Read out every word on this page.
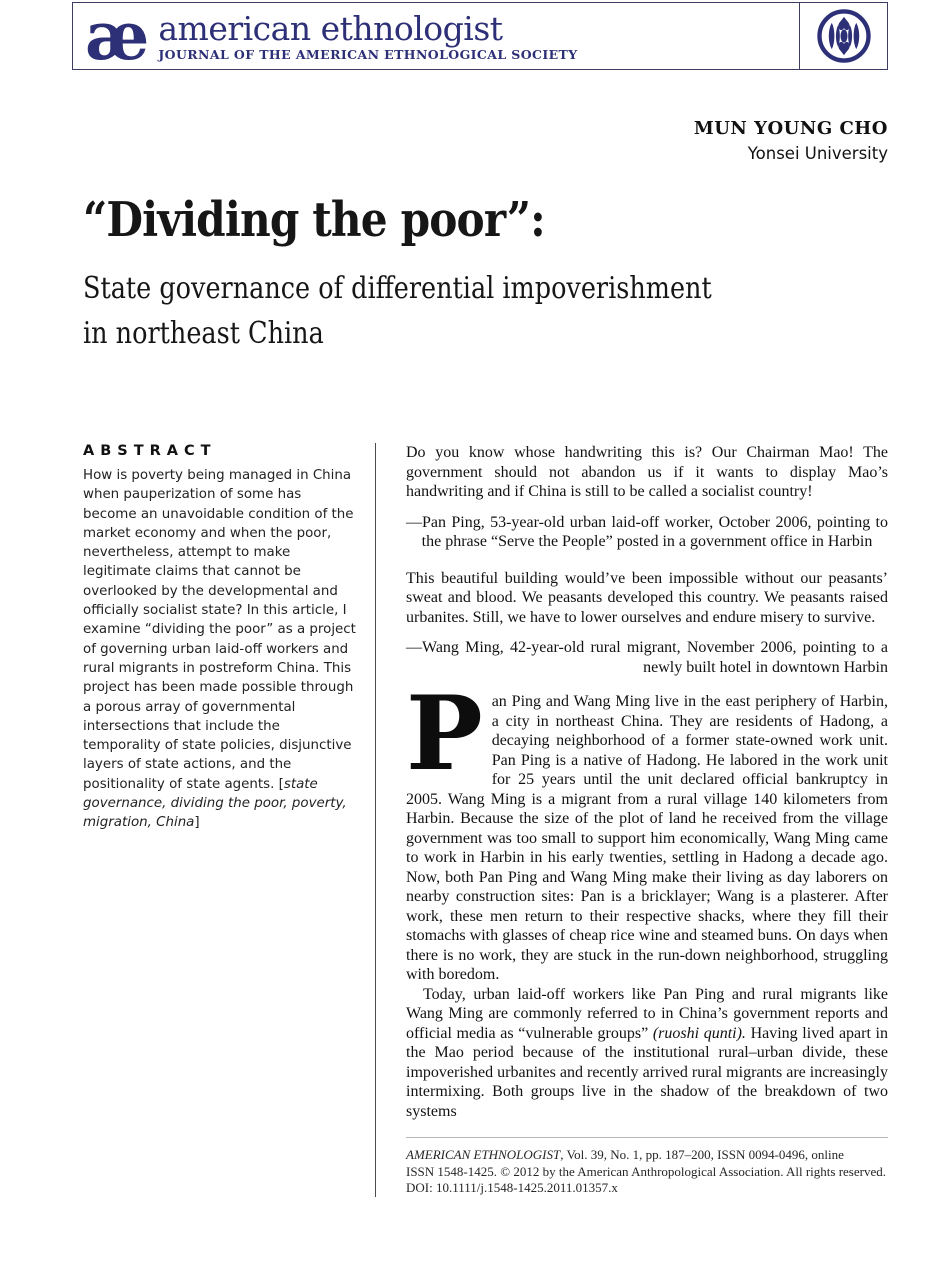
æ american ethnologist
JOURNAL OF THE AMERICAN ETHNOLOGICAL SOCIETY
MUN YOUNG CHO
Yonsei University
“Dividing the poor”:
State governance of differential impoverishment
in northeast China
ABSTRACT
How is poverty being managed in China when pauperization of some has become an unavoidable condition of the market economy and when the poor, nevertheless, attempt to make legitimate claims that cannot be overlooked by the developmental and officially socialist state? In this article, I examine “dividing the poor” as a project of governing urban laid-off workers and rural migrants in postreform China. This project has been made possible through a porous array of governmental intersections that include the temporality of state policies, disjunctive layers of state actions, and the positionality of state agents. [state governance, dividing the poor, poverty, migration, China]
Do you know whose handwriting this is? Our Chairman Mao! The government should not abandon us if it wants to display Mao’s handwriting and if China is still to be called a socialist country!
—Pan Ping, 53-year-old urban laid-off worker, October 2006, pointing to the phrase “Serve the People” posted in a government office in Harbin
This beautiful building would’ve been impossible without our peasants’ sweat and blood. We peasants developed this country. We peasants raised urbanites. Still, we have to lower ourselves and endure misery to survive.
—Wang Ming, 42-year-old rural migrant, November 2006, pointing to a newly built hotel in downtown Harbin
Pan Ping and Wang Ming live in the east periphery of Harbin, a city in northeast China. They are residents of Hadong, a decaying neighborhood of a former state-owned work unit. Pan Ping is a native of Hadong. He labored in the work unit for 25 years until the unit declared official bankruptcy in 2005. Wang Ming is a migrant from a rural village 140 kilometers from Harbin. Because the size of the plot of land he received from the village government was too small to support him economically, Wang Ming came to work in Harbin in his early twenties, settling in Hadong a decade ago. Now, both Pan Ping and Wang Ming make their living as day laborers on nearby construction sites: Pan is a bricklayer; Wang is a plasterer. After work, these men return to their respective shacks, where they fill their stomachs with glasses of cheap rice wine and steamed buns. On days when there is no work, they are stuck in the run-down neighborhood, struggling with boredom.
Today, urban laid-off workers like Pan Ping and rural migrants like Wang Ming are commonly referred to in China’s government reports and official media as “vulnerable groups” (ruoshi qunti). Having lived apart in the Mao period because of the institutional rural–urban divide, these impoverished urbanites and recently arrived rural migrants are increasingly intermixing. Both groups live in the shadow of the breakdown of two systems
AMERICAN ETHNOLOGIST, Vol. 39, No. 1, pp. 187–200, ISSN 0094-0496, online
ISSN 1548-1425. © 2012 by the American Anthropological Association. All rights reserved.
DOI: 10.1111/j.1548-1425.2011.01357.x
